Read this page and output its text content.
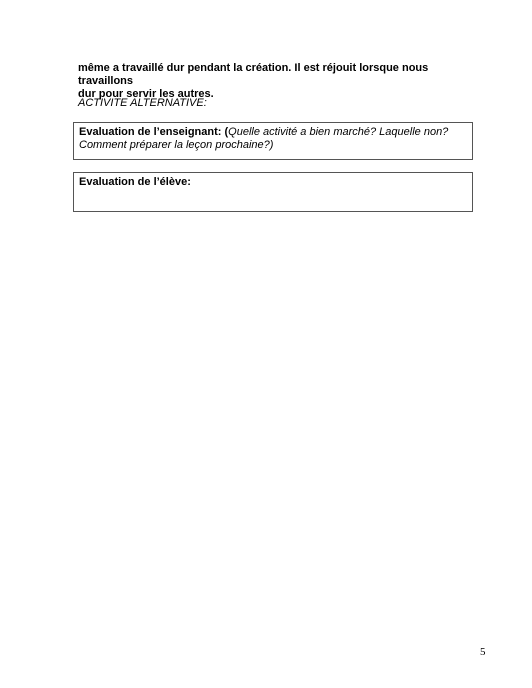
même a travaillé dur pendant la création. Il est réjouit lorsque nous travaillons
dur pour servir les autres.

ACTIVITE ALTERNATIVE:

Evaluation de l’enseignant: (Quelle activité a bien marché? Laquelle non?
Comment préparer la leçon prochaine?)
Evaluation de l’élève:
5
